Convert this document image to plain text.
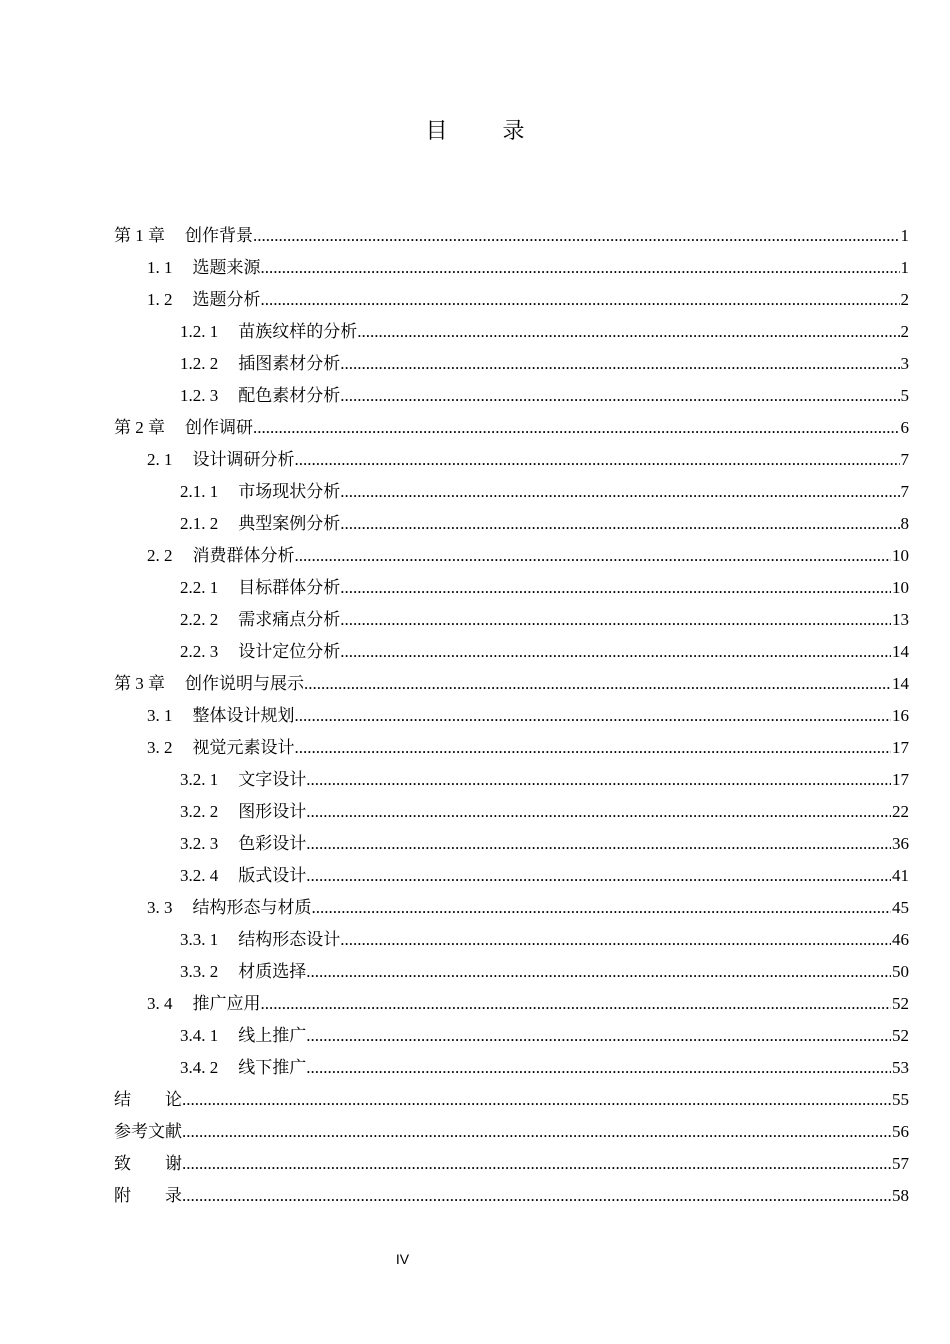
目 录
第 1 章 创作背景 .....	1
1. 1 选题来源 .....	1
1. 2 选题分析 .....	2
1.2. 1 苗族纹样的分析 .....	2
1.2. 2 插图素材分析 .....	3
1.2. 3 配色素材分析 .....	5
第 2 章 创作调研 .....	6
2. 1 设计调研分析 .....	7
2.1. 1 市场现状分析 .....	7
2.1. 2 典型案例分析 .....	8
2. 2 消费群体分析 .....	10
2.2. 1 目标群体分析 .....	10
2.2. 2 需求痛点分析 .....	13
2.2. 3 设计定位分析 .....	14
第 3 章 创作说明与展示 .....	14
3. 1 整体设计规划 .....	16
3. 2 视觉元素设计 .....	17
3.2. 1 文字设计 .....	17
3.2. 2 图形设计 .....	22
3.2. 3 色彩设计 .....	36
3.2. 4 版式设计 .....	41
3. 3 结构形态与材质 .....	45
3.3. 1 结构形态设计 .....	46
3.3. 2 材质选择 .....	50
3. 4 推广应用 .....	52
3.4. 1 线上推广 .....	52
3.4. 2 线下推广 .....	53
结　　论 .....	55
参考文献 .....	56
致　　谢 .....	57
附　　录 .....	58
IV
